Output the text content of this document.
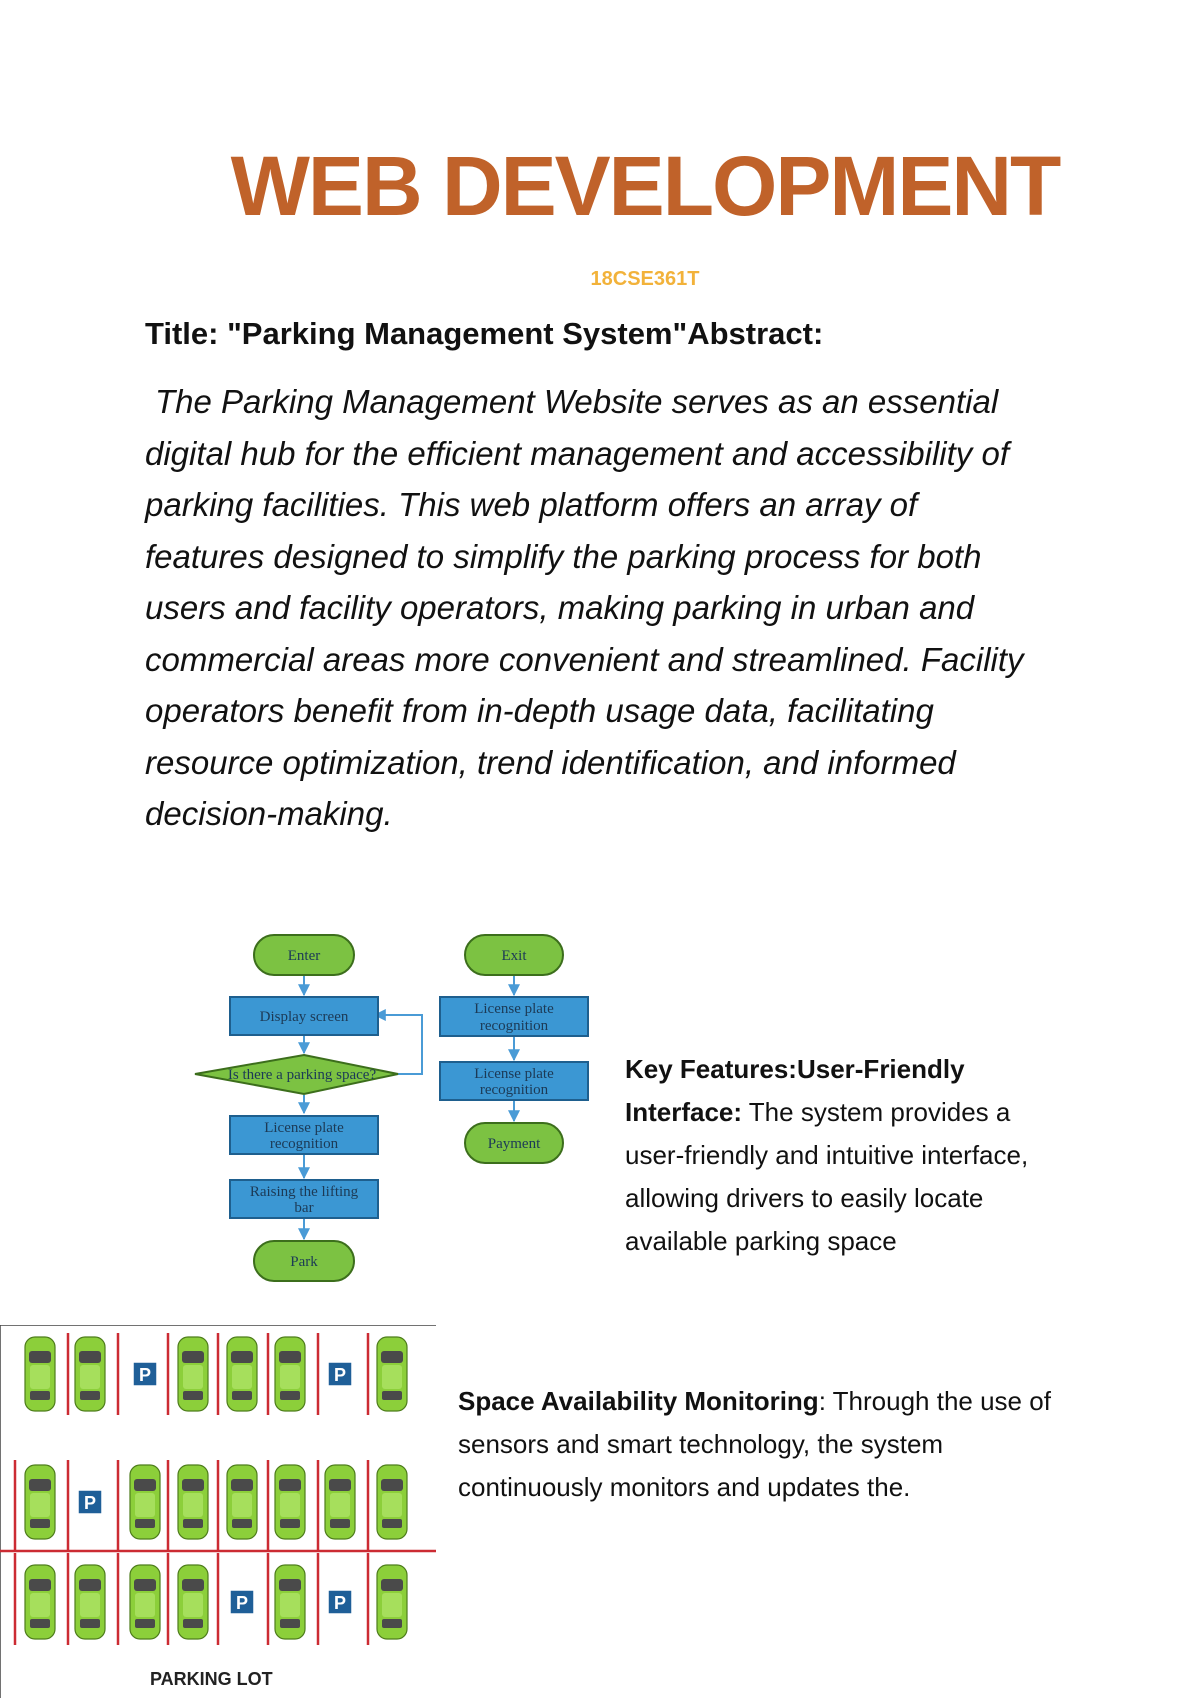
WEB DEVELOPMENT
18CSE361T
Title: "Parking Management System"Abstract:

The Parking Management Website serves as an essential digital hub for the efficient management and accessibility of parking facilities. This web platform offers an array of features designed to simplify the parking process for both users and facility operators, making parking in urban and commercial areas more convenient and streamlined. Facility operators benefit from in-depth usage data, facilitating resource optimization, trend identification, and informed decision-making.

Enter
Display screen
Is there a parking space?
License plate
recognition
Raising the lifting
bar
Park
Exit
License plate
recognition
License plate
recognition
Payment

Key Features:User-Friendly Interface: The system provides a user-friendly and intuitive interface, allowing drivers to easily locate available parking space

P	P
P
P	P
PARKING LOT

Space Availability Monitoring: Through the use of sensors and smart technology, the system continuously monitors and updates the.
